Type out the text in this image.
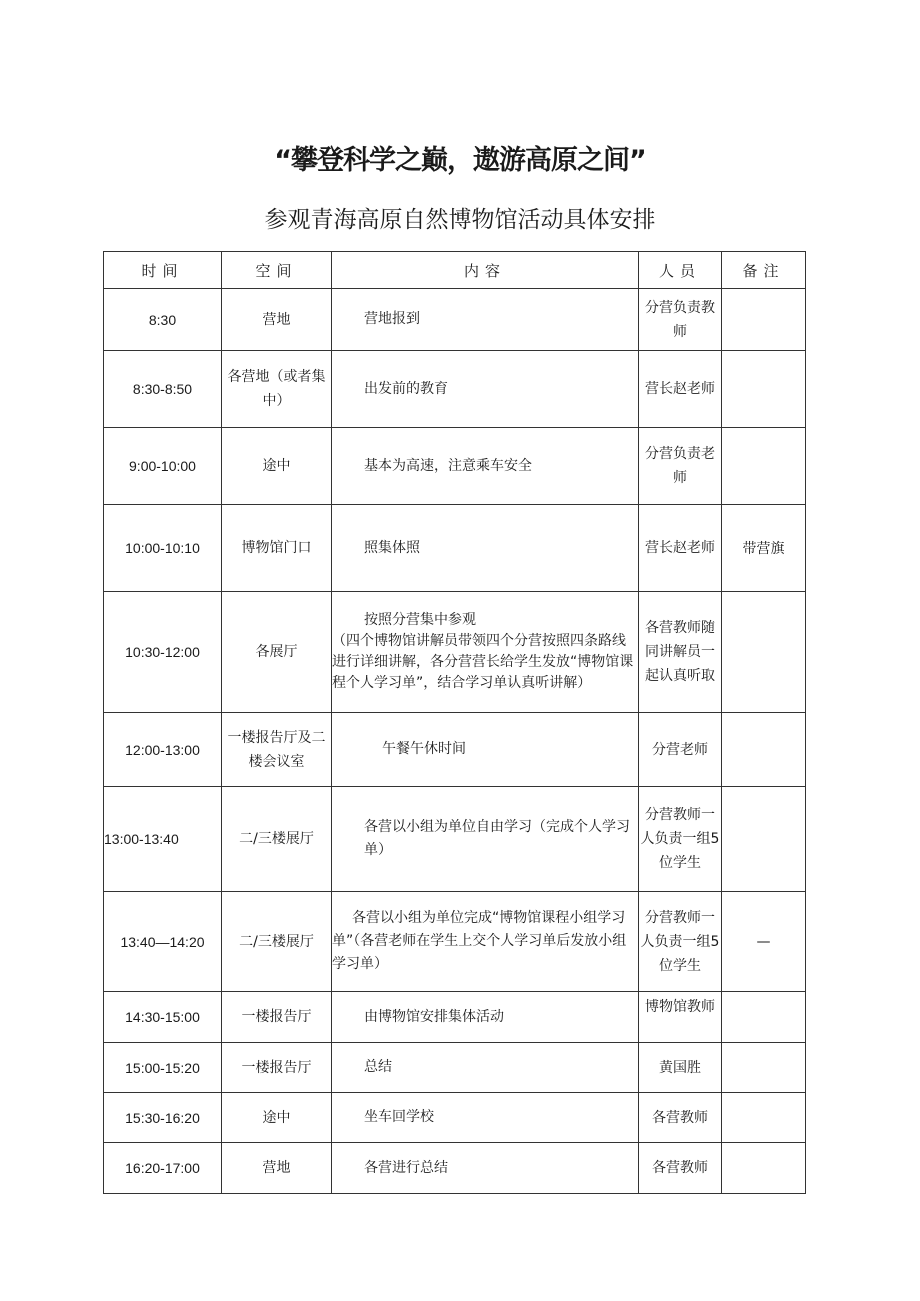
“攀登科学之巅，遨游高原之间”
参观青海高原自然博物馆活动具体安排
时间	空间	内容	人员	备注
8:30	营地	营地报到	分营负责教师	
8:30-8:50	各营地（或者集中）	出发前的教育	营长赵老师	
9:00-10:00	途中	基本为高速，注意乘车安全	分营负责老师	
10:00-10:10	博物馆门口	照集体照	营长赵老师	带营旗
10:30-12:00	各展厅	按照分营集中参观
（四个博物馆讲解员带领四个分营按照四条路线进行详细讲解，各分营营长给学生发放“博物馆课程个人学习单”，结合学习单认真听讲解）	各营教师随同讲解员一起认真听取	
12:00-13:00	一楼报告厅及二楼会议室	午餐午休时间	分营老师	
13:00-13:40	二/三楼展厅	各营以小组为单位自由学习（完成个人学习单）	分营教师一人负责一组5位学生	
13:40—14:20	二/三楼展厅	各营以小组为单位完成“博物馆课程小组学习单”（各营老师在学生上交个人学习单后发放小组学习单）	分营教师一人负责一组5位学生	—
14:30-15:00	一楼报告厅	由博物馆安排集体活动	博物馆教师	
15:00-15:20	一楼报告厅	总结	黄国胜	
15:30-16:20	途中	坐车回学校	各营教师	
16:20-17:00	营地	各营进行总结	各营教师	
